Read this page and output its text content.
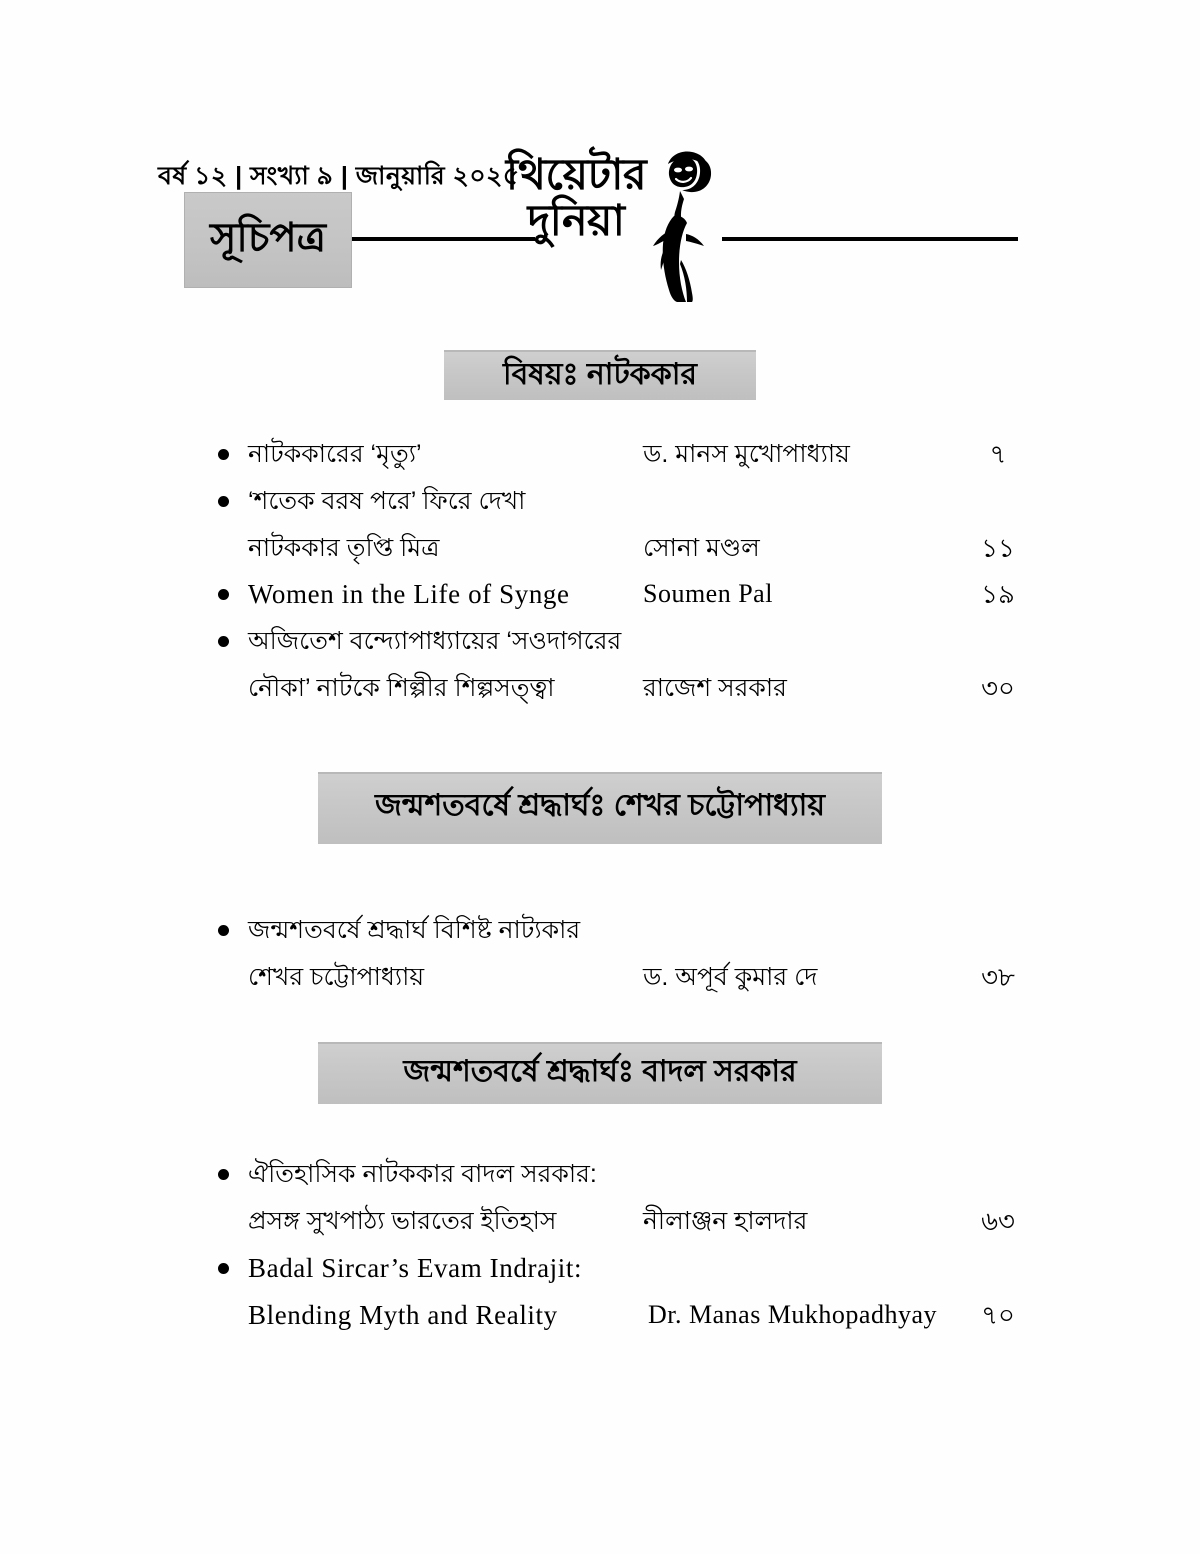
বর্ষ ১২ | সংখ্যা ৯ | জানুয়ারি ২০২৫
সূচিপত্র
থিয়েটার
দুনিয়া
বিষয়ঃ নাটককার
নাটককারের ‘মৃত্যু’	ড. মানস মুখোপাধ্যায়	৭
‘শতেক বরষ পরে’ ফিরে দেখা
নাটককার তৃপ্তি মিত্র	সোনা মণ্ডল	১১
Women in the Life of Synge	Soumen Pal	১৯
অজিতেশ বন্দ্যোপাধ্যায়ের ‘সওদাগরের
নৌকা’ নাটকে শিল্পীর শিল্পসত্ত্বা	রাজেশ সরকার	৩০
জন্মশতবর্ষে শ্রদ্ধার্ঘঃ শেখর চট্টোপাধ্যায়
জন্মশতবর্ষে শ্রদ্ধার্ঘ বিশিষ্ট নাট্যকার
শেখর চট্টোপাধ্যায়	ড. অপূর্ব কুমার দে	৩৮
জন্মশতবর্ষে শ্রদ্ধার্ঘঃ বাদল সরকার
ঐতিহাসিক নাটককার বাদল সরকার:
প্রসঙ্গ সুখপাঠ্য ভারতের ইতিহাস	নীলাঞ্জন হালদার	৬৩
Badal Sircar’s Evam Indrajit:
Blending Myth and Reality	Dr. Manas Mukhopadhyay	৭০
